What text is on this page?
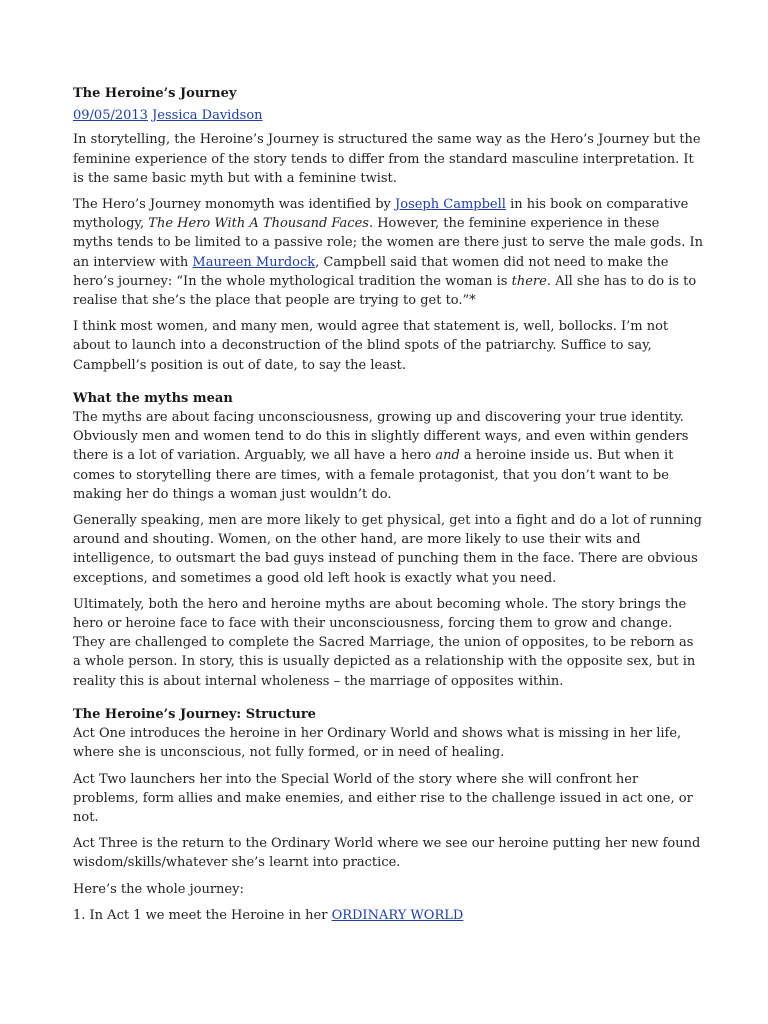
The Heroine’s Journey
09/05/2013 Jessica Davidson

In storytelling, the Heroine’s Journey is structured the same way as the Hero’s Journey but the feminine experience of the story tends to differ from the standard masculine interpretation. It is the same basic myth but with a feminine twist.

The Hero’s Journey monomyth was identified by Joseph Campbell in his book on comparative mythology, The Hero With A Thousand Faces. However, the feminine experience in these myths tends to be limited to a passive role; the women are there just to serve the male gods. In an interview with Maureen Murdock, Campbell said that women did not need to make the hero’s journey: “In the whole mythological tradition the woman is there. All she has to do is to realise that she’s the place that people are trying to get to.”*

I think most women, and many men, would agree that statement is, well, bollocks. I’m not about to launch into a deconstruction of the blind spots of the patriarchy. Suffice to say, Campbell’s position is out of date, to say the least.

What the myths mean

The myths are about facing unconsciousness, growing up and discovering your true identity. Obviously men and women tend to do this in slightly different ways, and even within genders there is a lot of variation. Arguably, we all have a hero and a heroine inside us. But when it comes to storytelling there are times, with a female protagonist, that you don’t want to be making her do things a woman just wouldn’t do.

Generally speaking, men are more likely to get physical, get into a fight and do a lot of running around and shouting. Women, on the other hand, are more likely to use their wits and intelligence, to outsmart the bad guys instead of punching them in the face. There are obvious exceptions, and sometimes a good old left hook is exactly what you need.

Ultimately, both the hero and heroine myths are about becoming whole. The story brings the hero or heroine face to face with their unconsciousness, forcing them to grow and change. They are challenged to complete the Sacred Marriage, the union of opposites, to be reborn as a whole person. In story, this is usually depicted as a relationship with the opposite sex, but in reality this is about internal wholeness – the marriage of opposites within.

The Heroine’s Journey: Structure

Act One introduces the heroine in her Ordinary World and shows what is missing in her life, where she is unconscious, not fully formed, or in need of healing.

Act Two launchers her into the Special World of the story where she will confront her problems, form allies and make enemies, and either rise to the challenge issued in act one, or not.

Act Three is the return to the Ordinary World where we see our heroine putting her new found wisdom/skills/whatever she’s learnt into practice.

Here’s the whole journey:

1. In Act 1 we meet the Heroine in her ORDINARY WORLD
